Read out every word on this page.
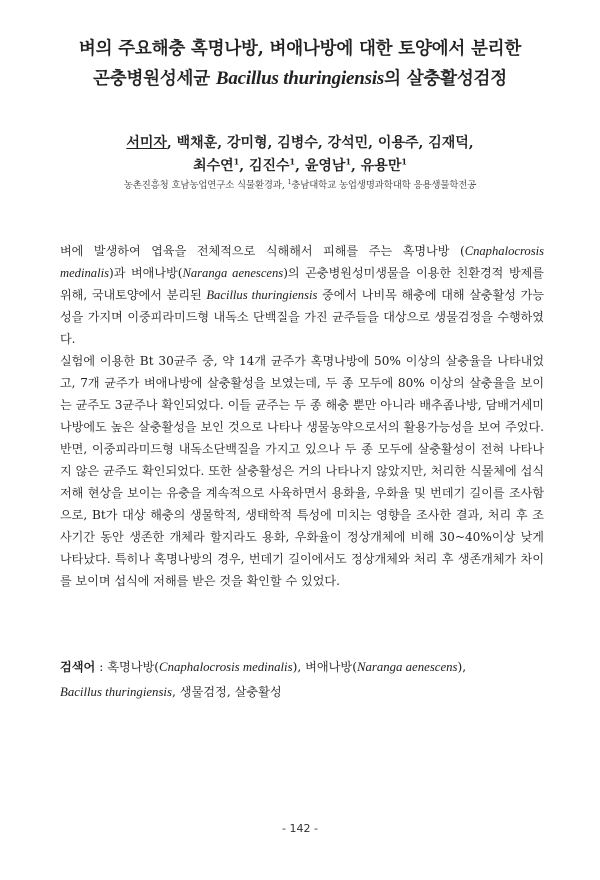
벼의 주요해충 혹명나방, 벼애나방에 대한 토양에서 분리한
곤충병원성세균 Bacillus thuringiensis의 살충활성검정
서미자, 백채훈, 강미형, 김병수, 강석민, 이용주, 김재덕,
최수연$^1$, 김진수$^1$, 윤영남$^1$, 유용만$^1$
농촌진흥청 호남농업연구소 식물환경과, $^1$충남대학교 농업생명과학대학 응용생물학전공

벼에 발생하여 엽육을 전체적으로 식해해서 피해를 주는 혹명나방 (Cnaphalocrosis medinalis)과 벼애나방(Naranga aenescens)의 곤충병원성미생물을 이용한 친환경적 방제를 위해, 국내토양에서 분리된 Bacillus thuringiensis 중에서 나비목 해충에 대해 살충활성 가능성을 가지며 이중피라미드형 내독소 단백질을 가진 균주들을 대상으로 생물검정을 수행하였다.

실험에 이용한 Bt 30균주 중, 약 14개 균주가 혹명나방에 50% 이상의 살충율을 나타내었고, 7개 균주가 벼애나방에 살충활성을 보였는데, 두 종 모두에 80% 이상의 살충율을 보이는 균주도 3균주나 확인되었다. 이들 균주는 두 종 해충 뿐만 아니라 배추좀나방, 담배거세미나방에도 높은 살충활성을 보인 것으로 나타나 생물농약으로서의 활용가능성을 보여 주었다. 반면, 이중피라미드형 내독소단백질을 가지고 있으나 두 종 모두에 살충활성이 전혀 나타나지 않은 균주도 확인되었다. 또한 살충활성은 거의 나타나지 않았지만, 처리한 식물체에 섭식저해 현상을 보이는 유충을 계속적으로 사육하면서 용화율, 우화율 및 번데기 길이를 조사함으로, Bt가 대상 해충의 생물학적, 생태학적 특성에 미치는 영향을 조사한 결과, 처리 후 조사기간 동안 생존한 개체라 할지라도 용화, 우화율이 정상개체에 비해 30~40%이상 낮게 나타났다. 특히나 혹명나방의 경우, 번데기 길이에서도 정상개체와 처리 후 생존개체가 차이를 보이며 섭식에 저해를 받은 것을 확인할 수 있었다.

검색어 : 혹명나방(Cnaphalocrosis medinalis), 벼애나방(Naranga aenescens),
Bacillus thuringiensis, 생물검정, 살충활성
- 142 -
